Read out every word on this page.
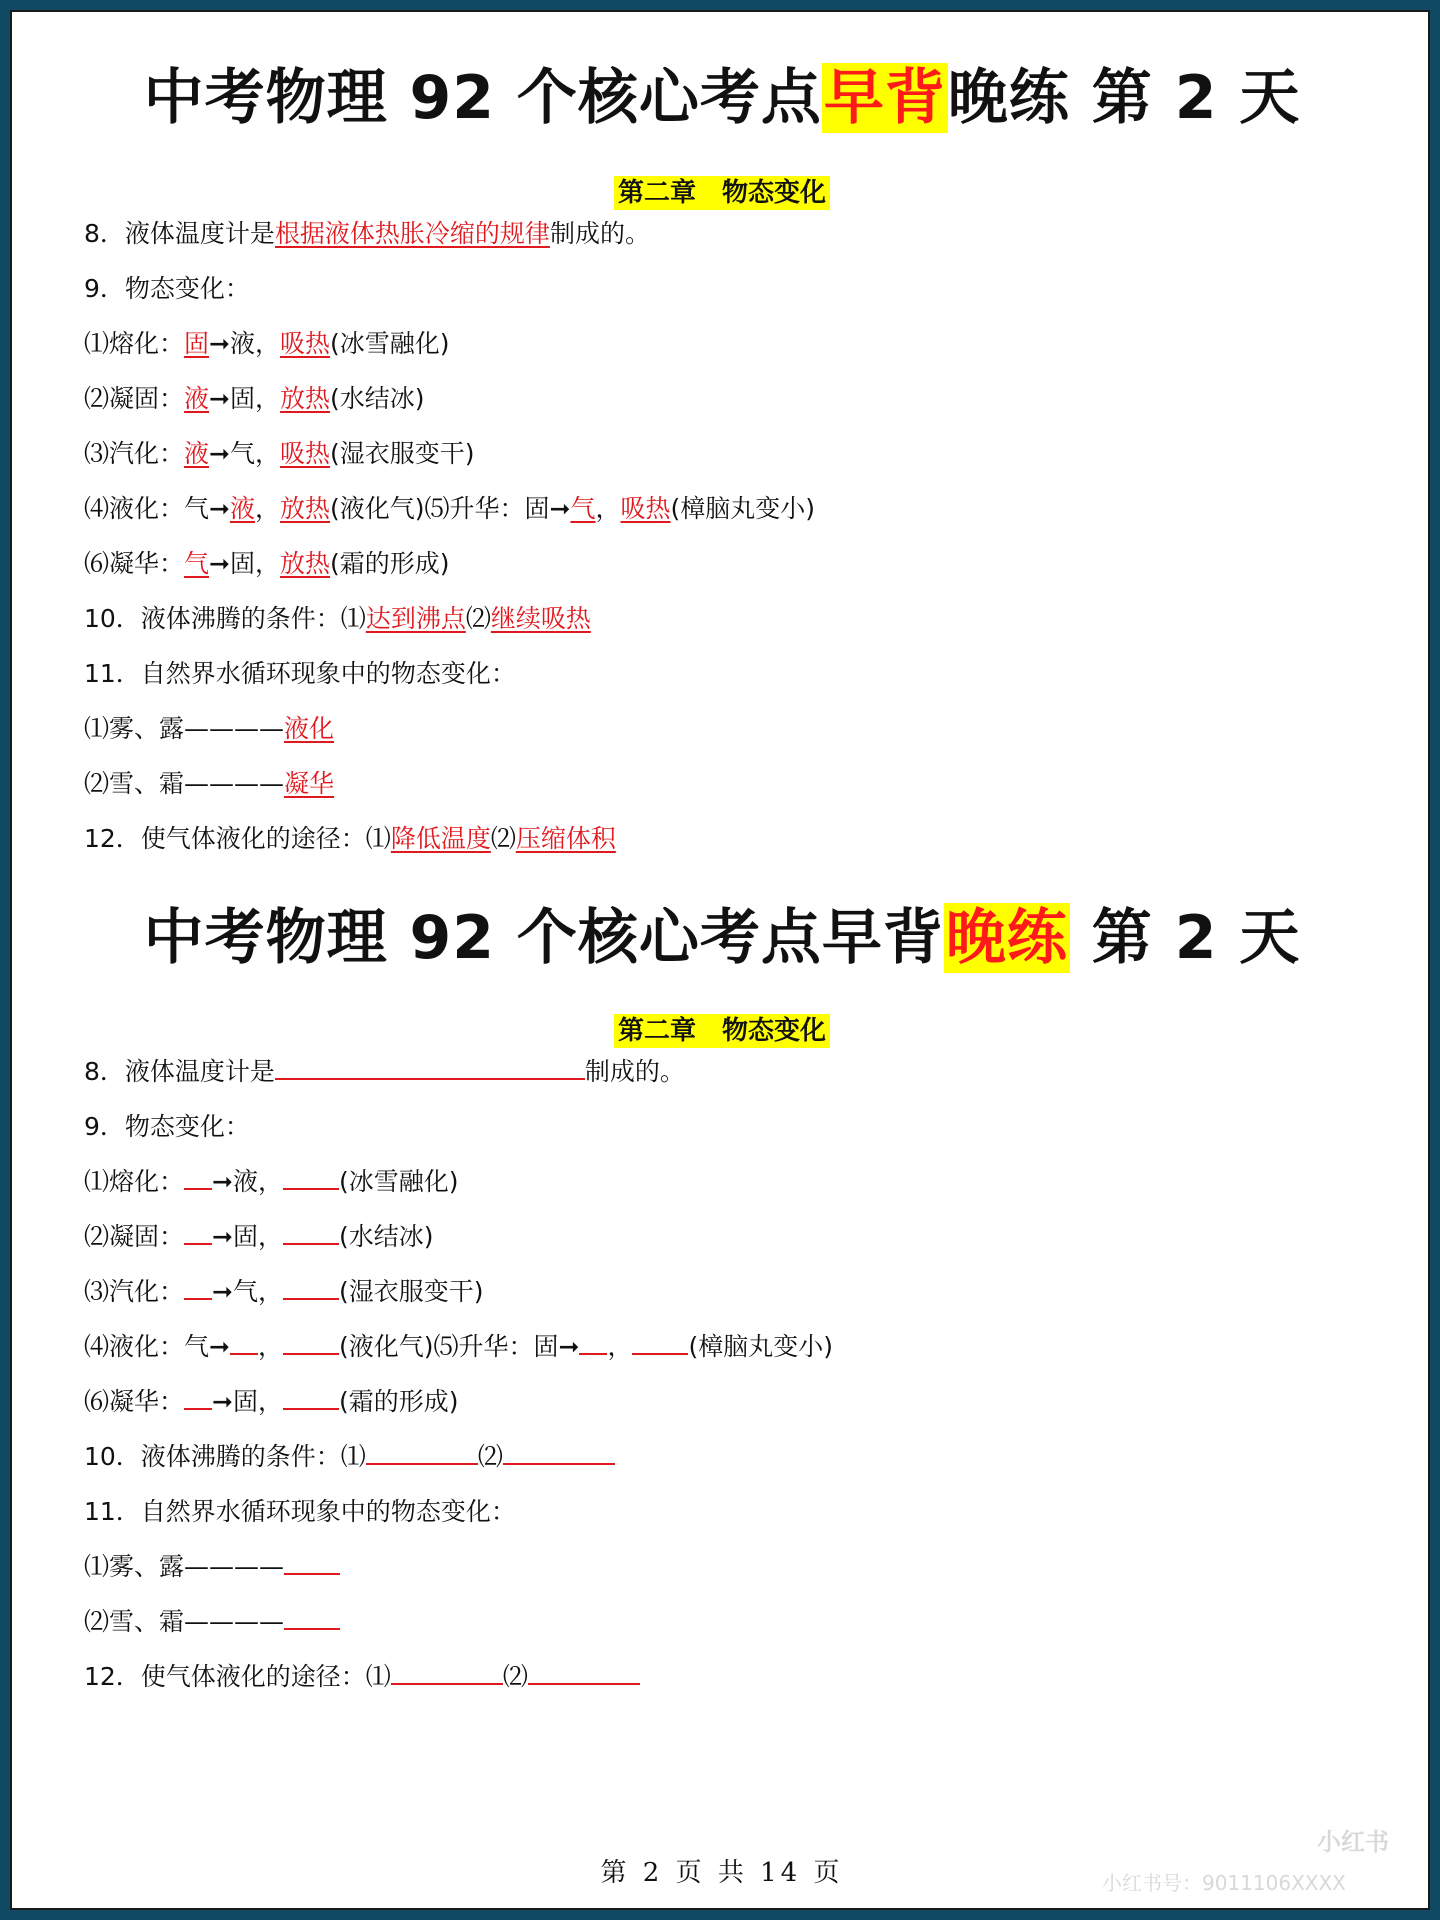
中考物理 92 个核心考点早背晚练 第 2 天
第二章　物态变化
8．液体温度计是根据液体热胀冷缩的规律制成的。
9．物态变化：
⑴熔化：固➞液，吸热(冰雪融化)
⑵凝固：液➞固，放热(水结冰)
⑶汽化：液➞气，吸热(湿衣服变干)
⑷液化：气➞液，放热(液化气)⑸升华：固➞气，吸热(樟脑丸变小)
⑹凝华：气➞固，放热(霜的形成)
10．液体沸腾的条件：⑴达到沸点⑵继续吸热
11．自然界水循环现象中的物态变化：
⑴雾、露————液化
⑵雪、霜————凝华
12．使气体液化的途径：⑴降低温度⑵压缩体积
中考物理 92 个核心考点早背晚练 第 2 天
第二章　物态变化
8．液体温度计是	制成的。
9．物态变化：
⑴熔化： ➞液， (冰雪融化)
⑵凝固： ➞固， (水结冰)
⑶汽化： ➞气， (湿衣服变干)
⑷液化：气➞ ， (液化气)⑸升华：固➞ ， (樟脑丸变小)
⑹凝华： ➞固， (霜的形成)
10．液体沸腾的条件：⑴	⑵
11．自然界水循环现象中的物态变化：
⑴雾、露————
⑵雪、霜————
12．使气体液化的途径：⑴	⑵
第 2 页 共 14 页
小红书
小红书号：9011106XXXX
